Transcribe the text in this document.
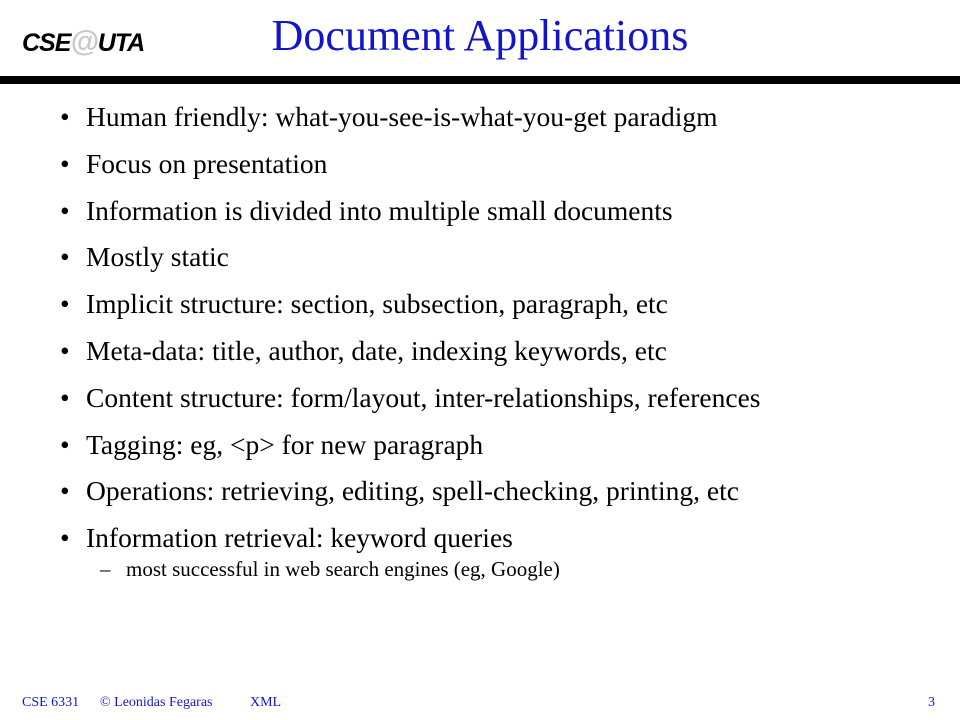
CSE@UTA	Document Applications
• Human friendly: what-you-see-is-what-you-get paradigm
• Focus on presentation
• Information is divided into multiple small documents
• Mostly static
• Implicit structure: section, subsection, paragraph, etc
• Meta-data: title, author, date, indexing keywords, etc
• Content structure: form/layout, inter-relationships, references
• Tagging: eg, <p> for new paragraph
• Operations: retrieving, editing, spell-checking, printing, etc
• Information retrieval: keyword queries
– most successful in web search engines (eg, Google)
CSE 6331 © Leonidas Fegaras	XML	3
